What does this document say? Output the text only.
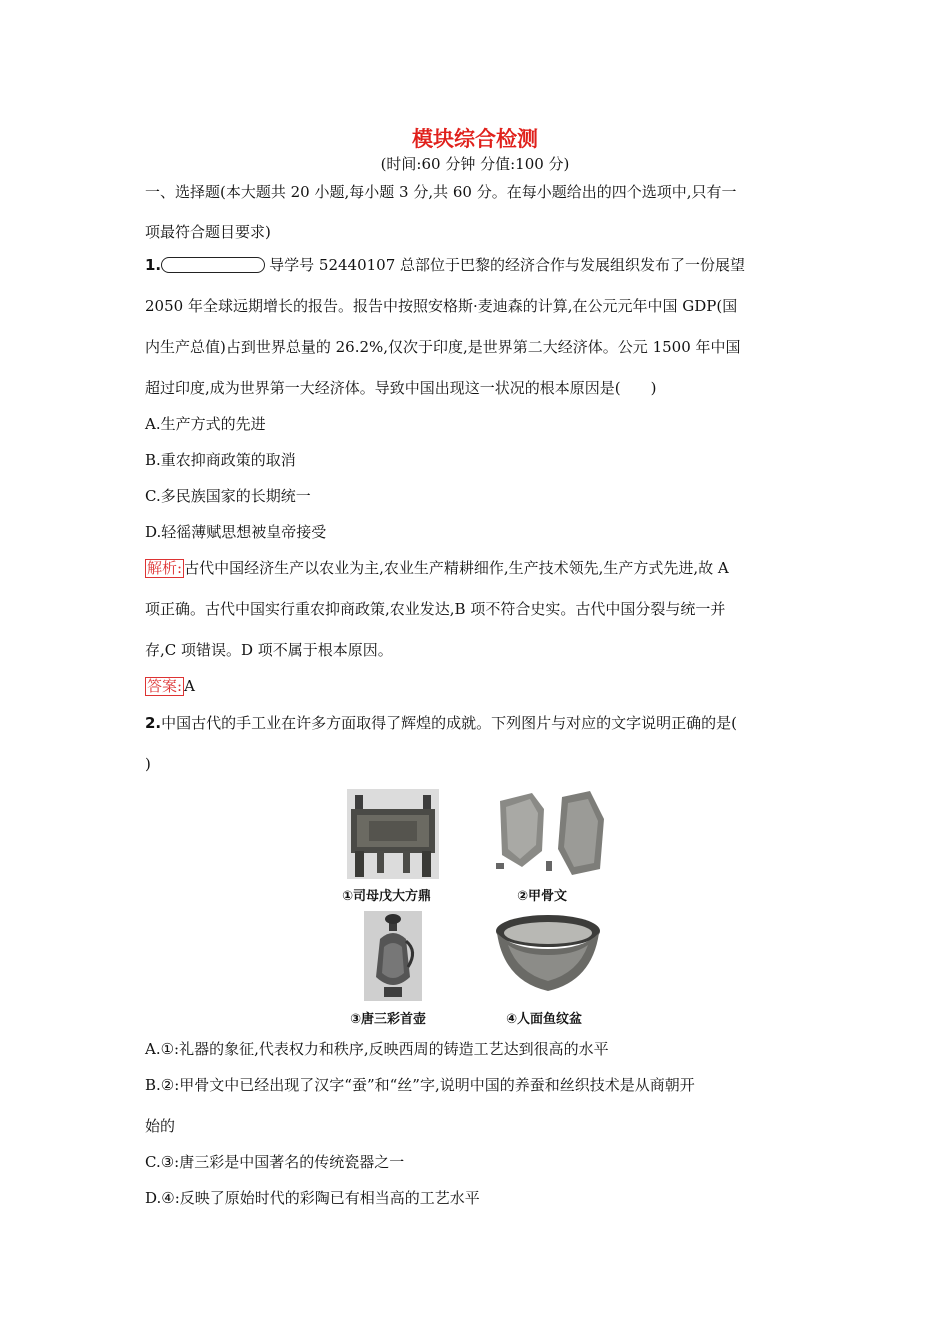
模块综合检测
(时间:60 分钟 分值:100 分)
一、选择题(本大题共 20 小题,每小题 3 分,共 60 分。在每小题给出的四个选项中,只有一
项最符合题目要求)
1.	导学号 52440107 总部位于巴黎的经济合作与发展组织发布了一份展望
2050 年全球远期增长的报告。报告中按照安格斯·麦迪森的计算,在公元元年中国 GDP(国
内生产总值)占到世界总量的 26.2%,仅次于印度,是世界第二大经济体。公元 1500 年中国
超过印度,成为世界第一大经济体。导致中国出现这一状况的根本原因是(　　)
A.生产方式的先进
B.重农抑商政策的取消
C.多民族国家的长期统一
D.轻徭薄赋思想被皇帝接受
解析: 古代中国经济生产以农业为主,农业生产精耕细作,生产技术领先,生产方式先进,故 A
项正确。古代中国实行重农抑商政策,农业发达,B 项不符合史实。古代中国分裂与统一并
存,C 项错误。D 项不属于根本原因。
答案: A
2.中国古代的手工业在许多方面取得了辉煌的成就。下列图片与对应的文字说明正确的是(
)
①司母戊大方鼎	②甲骨文
③唐三彩首壶	④人面鱼纹盆
A.①:礼器的象征,代表权力和秩序,反映西周的铸造工艺达到很高的水平
B.②:甲骨文中已经出现了汉字“蚕”和“丝”字,说明中国的养蚕和丝织技术是从商朝开
始的
C.③:唐三彩是中国著名的传统瓷器之一
D.④:反映了原始时代的彩陶已有相当高的工艺水平
